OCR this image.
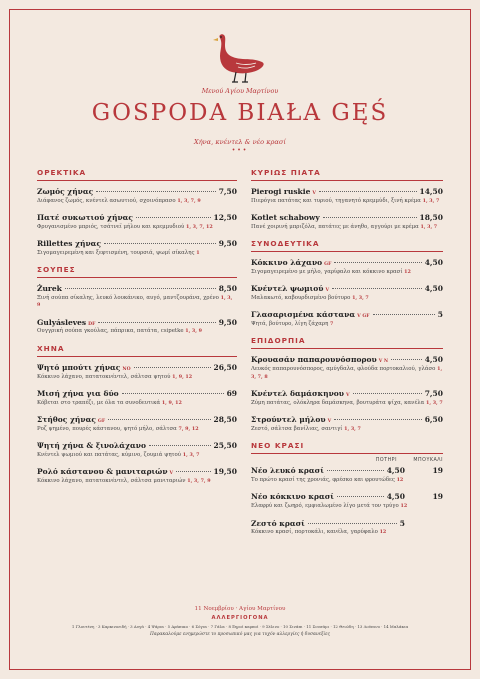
Μενού Αγίου Μαρτίνου
GOSPODA BIAŁA GĘŚ
Χήνα, κνέντελ & νέο κρασί
•••
ΟΡΕΚΤΙΚΑ
Ζωμός χήνας	7,50
Διάφανος ζωμός, κνέντελ ασωυτιού, σχοινόπρασο 1, 3, 7, 9
Πατέ συκωτιού χήνας	12,50
Φρυγανισμένο μπριός, τσάτνεϊ μήλου και κρεμμυδιού 1, 3, 7, 12
Rillettes χήνας	9,50
Σιγομαγειρεμένη και ξεφτισμένη, τουρσιά, ψωμί σίκαλης 1
ΣΟΥΠΕΣ
Żurek	8,50
Ξινή σούπα σίκαλης, λευκό λουκάνικο, αυγό, μαντζουράνα, χρένο 1, 3, 9
Gulyásleves DF	9,50
Ουγγρική σούπα γκούλας, πάπρικα, πατάτα, csipetke 1, 3, 9
ΧΗΝΑ
Ψητό μπούτι χήνας NO	26,50
Κόκκινο λάχανο, πατατοκνέντελ, σάλτσα ψητού 1, 9, 12
Μισή χήνα για δύο	69
Κόβεται στο τραπέζι, με όλα τα συνοδευτικά 1, 9, 12
Στήθος χήνας GF	28,50
Ροζ ψημένο, πουρές κάστανου, ψητό μήλο, σάλτσα 7, 9, 12
Ψητή χήνα & ξινολάχανο	25,50
Κνέντελ ψωμιού και πατάτας, κύμινο, ζουμιά ψητού 1, 3, 7
Ρολό κάστανου & μανιταριών V	19,50
Κόκκινο λάχανο, πατατοκνέντελ, σάλτσα μανιταριών 1, 3, 7, 9
ΚΥΡΙΩΣ ΠΙΑΤΑ
Pierogi ruskie V	14,50
Πιερόγια πατάτας και τυριού, τηγανητό κρεμμύδι, ξινή κρέμα 1, 3, 7
Kotlet schabowy	18,50
Πανέ χοιρινή μπριζόλα, πατάτες με άνηθο, αγγούρι με κρέμα 1, 3, 7
ΣΥΝΟΔΕΥΤΙΚΑ
Κόκκινο λάχανο GF	4,50
Σιγομαγειρεμένο με μήλο, γαρίφαλο και κόκκινο κρασί 12
Κνέντελ ψωμιού V	4,50
Μαλακωτό, καβουρδισμένο βούτυρο 1, 3, 7
Γλασαρισμένα κάστανα V GF	5
Ψητά, βούτυρο, λίγη ζάχαρη 7
ΕΠΙΔΟΡΠΙΑ
Κρουασάν παπαρουνόσπορου V N	4,50
Λευκός παπαρουνόσπορος, αμύγδαλα, φλούδα πορτοκαλιού, γλάσο 1, 3, 7, 8
Κνέντελ δαμάσκηνου V	7,50
Ζύμη πατάτας, ολόκληρα δαμάσκηνα, βουτυράτα ψίχα, κανέλα 1, 3, 7
Στρούντελ μήλου V	6,50
Ζεστό, σάλτσα βανίλιας, σαντιγί 1, 3, 7
ΝΕΟ ΚΡΑΣΙ
ΠΟΤΗΡΙ	ΜΠΟΥΚΑΛΙ
Νέο λευκό κρασί	4,50	19
Το πρώτο κρασί της χρονιάς, φρέσκο και φρουτώδες 12
Νέο κόκκινο κρασί	4,50	19
Ελαφρύ και ζωηρό, εμφιαλωμένο λίγο μετά τον τρύγο 12
Ζεστό κρασί	5
Κόκκινο κρασί, πορτοκάλι, κανέλα, γαρύφαλο 12
11 Νοεμβρίου · Αγίου Μαρτίνου
ΑΛΛΕΡΓΙΟΓΟΝΑ
1 Γλουτένη · 3 Καρκινοειδή · 3 Αυγά · 4 Ψάρια · 5 Αράπικο · 6 Σόγια · 7 Γάλα · 8 Ξηροί καρποί · 9 Σέλινο · 10 Σινάπι · 11 Σουσάμι · 12 Θειώδη · 13 Λούπινο · 14 Μαλάκια
Παρακαλούμε ενημερώστε το προσωπικό μας για τυχόν αλλεργίες ή δυσανεξίες
